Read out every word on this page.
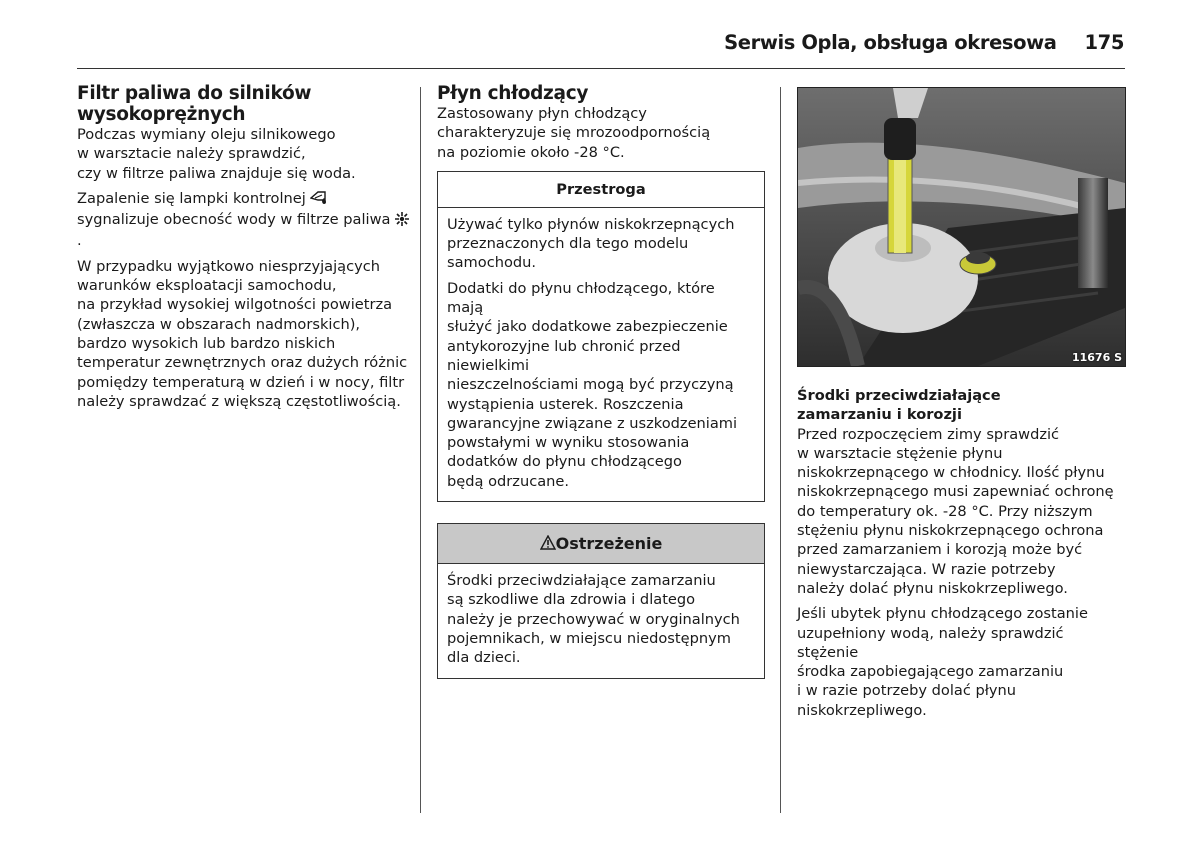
Serwis Opla, obsługa okresowa 175
Filtr paliwa do silników
wysokoprężnych

Podczas wymiany oleju silnikowego
w warsztacie należy sprawdzić,
czy w filtrze paliwa znajduje się woda.

Zapalenie się lampki kontrolnej
sygnalizuje obecność wody w filtrze paliwa .

W przypadku wyjątkowo niesprzyjających
warunków eksploatacji samochodu,
na przykład wysokiej wilgotności powietrza
(zwłaszcza w obszarach nadmorskich),
bardzo wysokich lub bardzo niskich
temperatur zewnętrznych oraz dużych różnic
pomiędzy temperaturą w dzień i w nocy, filtr
należy sprawdzać z większą częstotliwością.

Płyn chłodzący

Zastosowany płyn chłodzący
charakteryzuje się mrozoodpornością
na poziomie około -28 °C.

Przestroga

Używać tylko płynów niskokrzepnących
przeznaczonych dla tego modelu
samochodu.

Dodatki do płynu chłodzącego, które mają
służyć jako dodatkowe zabezpieczenie
antykorozyjne lub chronić przed niewielkimi
nieszczelnościami mogą być przyczyną
wystąpienia usterek. Roszczenia
gwarancyjne związane z uszkodzeniami
powstałymi w wyniku stosowania
dodatków do płynu chłodzącego
będą odrzucane.

Ostrzeżenie

Środki przeciwdziałające zamarzaniu
są szkodliwe dla zdrowia i dlatego
należy je przechowywać w oryginalnych
pojemnikach, w miejscu niedostępnym
dla dzieci.

11676 S
Środki przeciwdziałające
zamarzaniu i korozji

Przed rozpoczęciem zimy sprawdzić
w warsztacie stężenie płynu
niskokrzepnącego w chłodnicy. Ilość płynu
niskokrzepnącego musi zapewniać ochronę
do temperatury ok. -28 °C. Przy niższym
stężeniu płynu niskokrzepnącego ochrona
przed zamarzaniem i korozją może być
niewystarczająca. W razie potrzeby
należy dolać płynu niskokrzepliwego.

Jeśli ubytek płynu chłodzącego zostanie
uzupełniony wodą, należy sprawdzić stężenie
środka zapobiegającego zamarzaniu
i w razie potrzeby dolać płynu
niskokrzepliwego.
